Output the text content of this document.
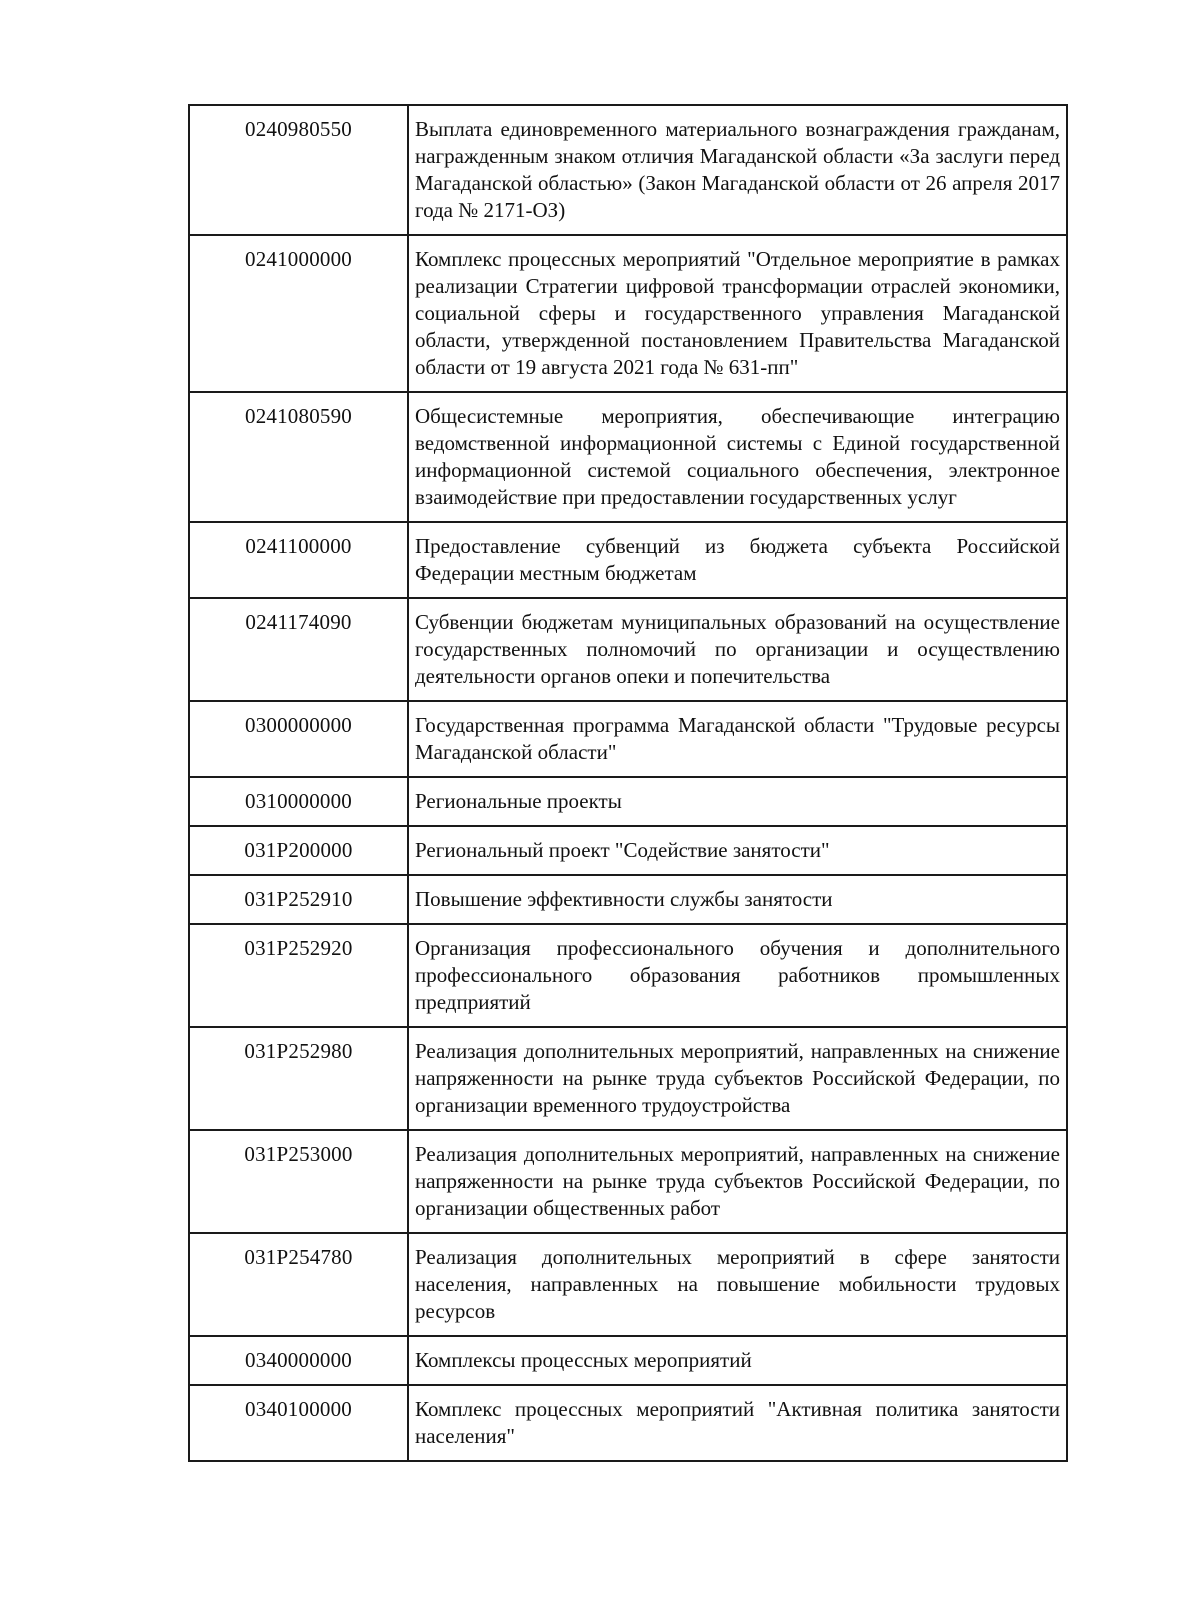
0240980550	Выплата единовременного материального вознаграждения гражданам, награжденным знаком отличия Магаданской области «За заслуги перед Магаданской областью» (Закон Магаданской области от 26 апреля 2017 года № 2171-ОЗ)
0241000000	Комплекс процессных мероприятий "Отдельное мероприятие в рамках реализации Стратегии цифровой трансформации отраслей экономики, социальной сферы и государственного управления Магаданской области, утвержденной постановлением Правительства Магаданской области от 19 августа 2021 года № 631-пп"
0241080590	Общесистемные мероприятия, обеспечивающие интеграцию ведомственной информационной системы с Единой государственной информационной системой социального обеспечения, электронное взаимодействие при предоставлении государственных услуг
0241100000	Предоставление субвенций из бюджета субъекта Российской Федерации местным бюджетам
0241174090	Субвенции бюджетам муниципальных образований на осуществление государственных полномочий по организации и осуществлению деятельности органов опеки и попечительства
0300000000	Государственная программа Магаданской области "Трудовые ресурсы Магаданской области"
0310000000	Региональные проекты
031P200000	Региональный проект "Содействие занятости"
031P252910	Повышение эффективности службы занятости
031P252920	Организация профессионального обучения и дополнительного профессионального образования работников промышленных предприятий
031P252980	Реализация дополнительных мероприятий, направленных на снижение напряженности на рынке труда субъектов Российской Федерации, по организации временного трудоустройства
031P253000	Реализация дополнительных мероприятий, направленных на снижение напряженности на рынке труда субъектов Российской Федерации, по организации общественных работ
031P254780	Реализация дополнительных мероприятий в сфере занятости населения, направленных на повышение мобильности трудовых ресурсов
0340000000	Комплексы процессных мероприятий
0340100000	Комплекс процессных мероприятий "Активная политика занятости населения"
